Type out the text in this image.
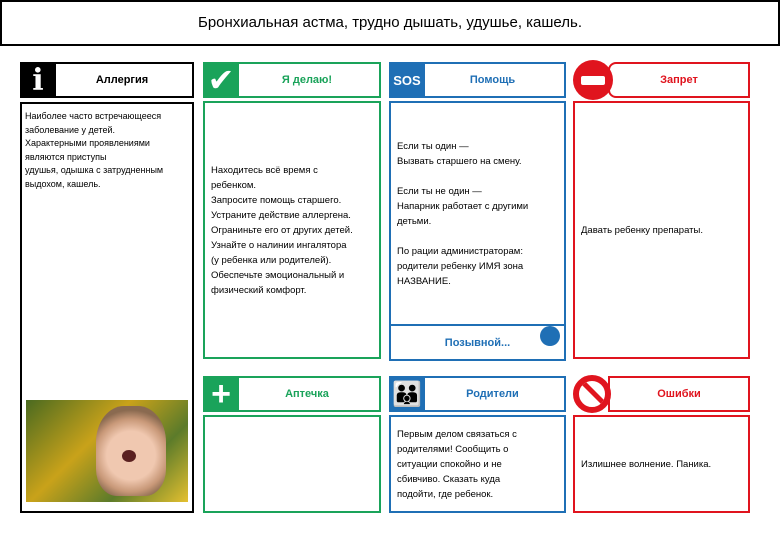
Бронхиальная астма, трудно дышать, удушье, кашель.
Аллергия
i
Наиболее часто встречающееся
заболевание у детей.
Характерными проявлениями
являются приступы
удушья, одышка с затрудненным
выдохом, кашель.
Я делаю!
✔
Находитесь всё время с
ребенком.
Запросите помощь старшего.
Устраните действие аллергена.
Ограниньте его от других детей.
Узнайте о налинии ингалятора
(у ребенка или родителей).
Обеспечьте эмоциональный и
физический комфорт.
Аптечка
+
Помощь
SOS
Если ты один —
Вызвать старшего на смену.

Если ты не один —
Напарник работает с другими
детьми.

По рации администраторам:
родители ребенку ИМЯ зона
НАЗВАНИЕ.
Позывной...
Родители
👪
Первым делом связаться с
родителями! Сообщить о
ситуации спокойно и не
сбивчиво. Сказать куда
подойти, где ребенок.
Запрет
Давать ребенку препараты.
Ошибки
Излишнее волнение. Паника.
